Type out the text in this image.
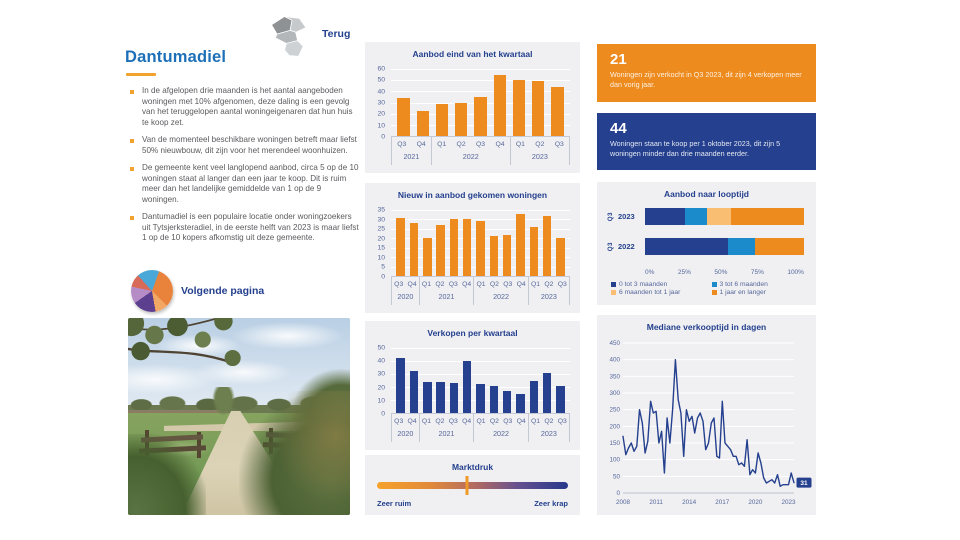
Terug
Dantumadiel
In de afgelopen drie maanden is het aantal aangeboden woningen met 10% afgenomen, deze daling is een gevolg van het teruggelopen aantal woningeigenaren dat hun huis te koop zet.
Van de momenteel beschikbare woningen betreft maar liefst 50% nieuwbouw, dit zijn voor het merendeel woonhuizen.
De gemeente kent veel langlopend aanbod, circa 5 op de 10 woningen staat al langer dan een jaar te koop. Dit is ruim meer dan het landelijke gemiddelde van 1 op de 9 woningen.
Dantumadiel is een populaire locatie onder woningzoekers uit Tytsjerksteradiel, in de eerste helft van 2023 is maar liefst 1 op de 10 kopers afkomstig uit deze gemeente.
Volgende pagina
Aanbod eind van het kwartaal
0
10
20
30
40
50
60
Q3	Q4
2021
Q1	Q2	Q3	Q4
2022
Q1	Q2	Q3
2023
Nieuw in aanbod gekomen woningen
0
5
10
15
20
25
30
35
Q3 Q4
2020
Q1 Q2 Q3 Q4
2021
Q1 Q2 Q3 Q4
2022
Q1 Q2 Q3
2023
Verkopen per kwartaal
0
10
20
30
40
50
Q3 Q4
2020
Q1 Q2 Q3 Q4
2021
Q1 Q2 Q3 Q4
2022
Q1 Q2 Q3
2023
Marktdruk
Zeer ruim	Zeer krap
21
Woningen zijn verkocht in Q3 2023, dit zijn 4 verkopen meer dan vorig jaar.
44
Woningen staan te koop per 1 oktober 2023, dit zijn 5 woningen minder dan drie maanden eerder.
Aanbod naar looptijd
Q3 2023
Q3 2022
0%	25%	50%	75%	100%
0 tot 3 maanden	3 tot 6 maanden
6 maanden tot 1 jaar	1 jaar en langer
Mediane verkooptijd in dagen
0
50
100
150
200
250
300
350
400
450
2008	2011	2014	2017	2020	2023
31
